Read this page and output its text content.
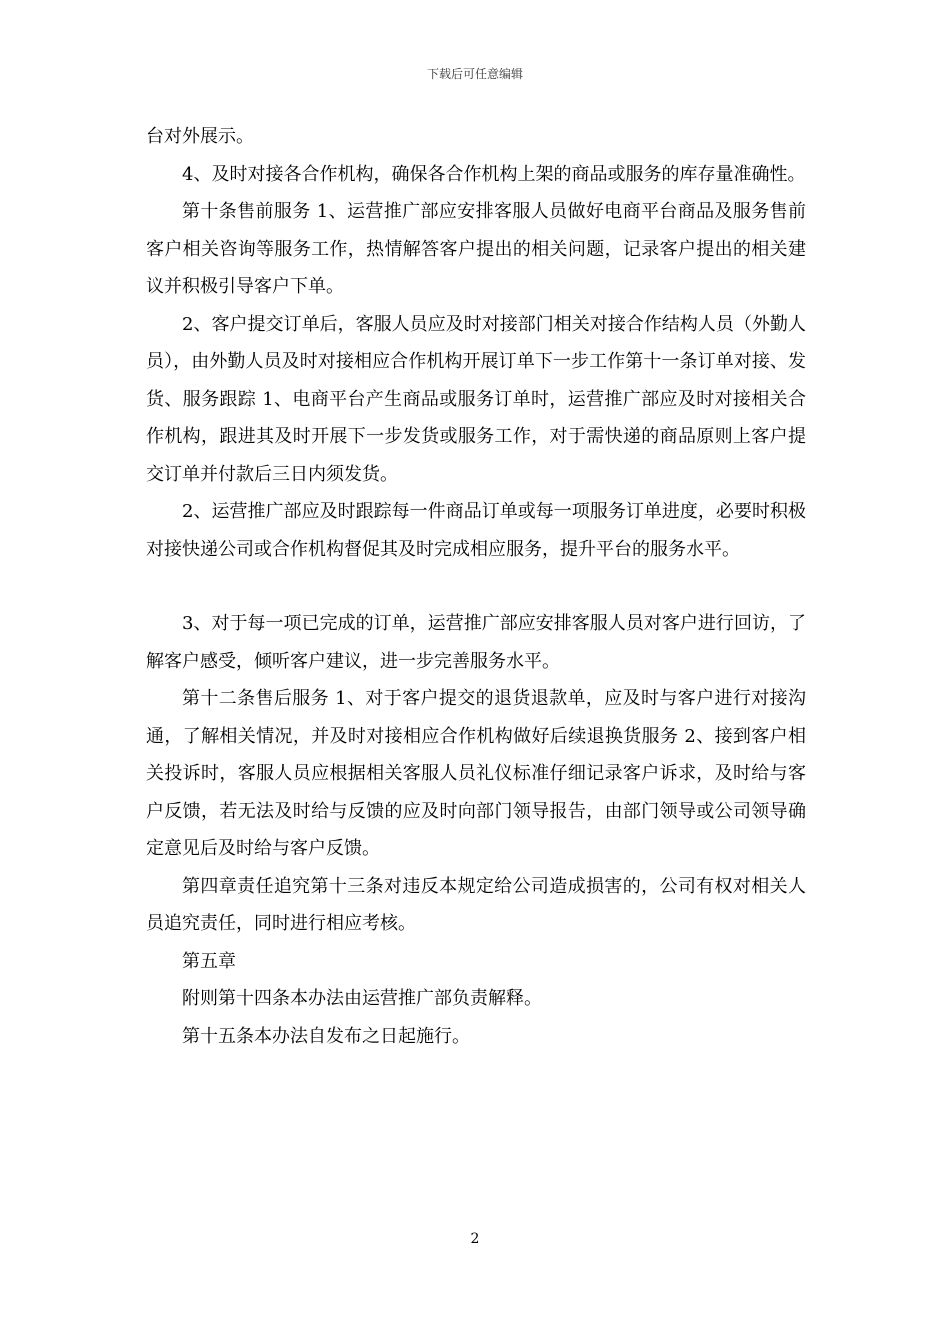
下载后可任意编辑

台对外展示。

4、及时对接各合作机构，确保各合作机构上架的商品或服务的库存量准确性。

第十条售前服务 1、运营推广部应安排客服人员做好电商平台商品及服务售前客户相关咨询等服务工作，热情解答客户提出的相关问题，记录客户提出的相关建议并积极引导客户下单。

2、客户提交订单后，客服人员应及时对接部门相关对接合作结构人员（外勤人员），由外勤人员及时对接相应合作机构开展订单下一步工作第十一条订单对接、发货、服务跟踪 1、电商平台产生商品或服务订单时，运营推广部应及时对接相关合作机构，跟进其及时开展下一步发货或服务工作，对于需快递的商品原则上客户提交订单并付款后三日内须发货。

2、运营推广部应及时跟踪每一件商品订单或每一项服务订单进度，必要时积极对接快递公司或合作机构督促其及时完成相应服务，提升平台的服务水平。

3、对于每一项已完成的订单，运营推广部应安排客服人员对客户进行回访，了解客户感受，倾听客户建议，进一步完善服务水平。

第十二条售后服务 1、对于客户提交的退货退款单，应及时与客户进行对接沟通，了解相关情况，并及时对接相应合作机构做好后续退换货服务 2、接到客户相关投诉时，客服人员应根据相关客服人员礼仪标准仔细记录客户诉求，及时给与客户反馈，若无法及时给与反馈的应及时向部门领导报告，由部门领导或公司领导确定意见后及时给与客户反馈。

第四章责任追究第十三条对违反本规定给公司造成损害的，公司有权对相关人员追究责任，同时进行相应考核。

第五章

附则第十四条本办法由运营推广部负责解释。

第十五条本办法自发布之日起施行。

2
